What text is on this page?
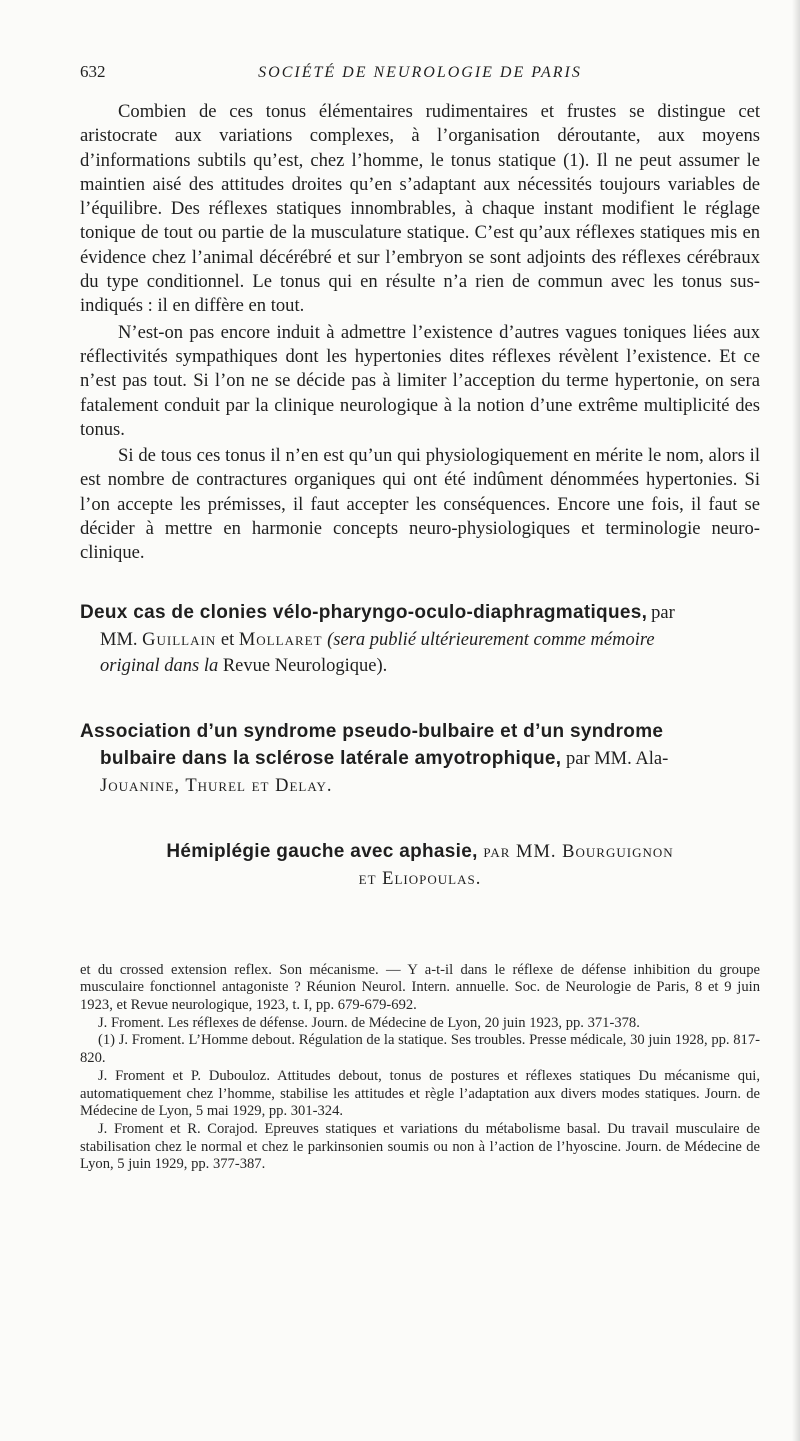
632	SOCIÉTÉ DE NEUROLOGIE DE PARIS

Combien de ces tonus élémentaires rudimentaires et frustes se distingue cet aristocrate aux variations complexes, à l’organisation déroutante, aux moyens d’informations subtils qu’est, chez l’homme, le tonus statique (1). Il ne peut assumer le maintien aisé des attitudes droites qu’en s’adaptant aux nécessités toujours variables de l’équilibre. Des réflexes statiques innombrables, à chaque instant modifient le réglage tonique de tout ou partie de la musculature statique. C’est qu’aux réflexes statiques mis en évidence chez l’animal décérébré et sur l’embryon se sont adjoints des réflexes cérébraux du type conditionnel. Le tonus qui en résulte n’a rien de commun avec les tonus sus-indiqués : il en diffère en tout.

N’est-on pas encore induit à admettre l’existence d’autres vagues toniques liées aux réflectivités sympathiques dont les hypertonies dites réflexes révèlent l’existence. Et ce n’est pas tout. Si l’on ne se décide pas à limiter l’acception du terme hypertonie, on sera fatalement conduit par la clinique neurologique à la notion d’une extrême multiplicité des tonus.

Si de tous ces tonus il n’en est qu’un qui physiologiquement en mérite le nom, alors il est nombre de contractures organiques qui ont été indûment dénommées hypertonies. Si l’on accepte les prémisses, il faut accepter les conséquences. Encore une fois, il faut se décider à mettre en harmonie concepts neuro-physiologiques et terminologie neuro-clinique.

Deux cas de clonies vélo-pharyngo-oculo-diaphragmatiques, par
MM. Guillain et Mollaret (sera publié ultérieurement comme mémoire
original dans la Revue Neurologique).
Association d’un syndrome pseudo-bulbaire et d’un syndrome
bulbaire dans la sclérose latérale amyotrophique, par MM. Ala-
Jouanine, Thurel et Delay.
Hémiplégie gauche avec aphasie, par MM. Bourguignon
et Eliopoulas.

et du crossed extension reflex. Son mécanisme. — Y a-t-il dans le réflexe de défense inhibition du groupe musculaire fonctionnel antagoniste ? Réunion Neurol. Intern. annuelle. Soc. de Neurologie de Paris, 8 et 9 juin 1923, et Revue neurologique, 1923, t. I, pp. 679-679-692.

J. Froment. Les réflexes de défense. Journ. de Médecine de Lyon, 20 juin 1923, pp. 371-378.

(1) J. Froment. L’Homme debout. Régulation de la statique. Ses troubles. Presse médicale, 30 juin 1928, pp. 817-820.

J. Froment et P. Dubouloz. Attitudes debout, tonus de postures et réflexes statiques Du mécanisme qui, automatiquement chez l’homme, stabilise les attitudes et règle l’adaptation aux divers modes statiques. Journ. de Médecine de Lyon, 5 mai 1929, pp. 301-324.

J. Froment et R. Corajod. Epreuves statiques et variations du métabolisme basal. Du travail musculaire de stabilisation chez le normal et chez le parkinsonien soumis ou non à l’action de l’hyoscine. Journ. de Médecine de Lyon, 5 juin 1929, pp. 377-387.
